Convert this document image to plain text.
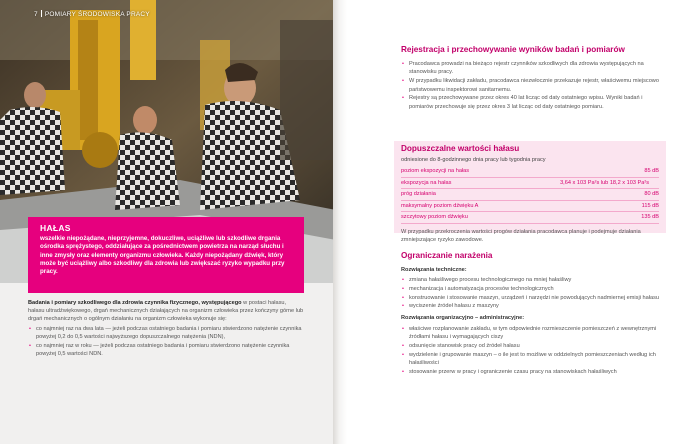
7 POMIARY ŚRODOWISKA PRACY
HAŁAS

wszelkie niepożądane, nieprzyjemne, dokuczliwe, uciążliwe lub szkodliwe drgania ośrodka sprężystego, oddziałujące za pośrednictwem powietrza na narząd słuchu i inne zmysły oraz elementy organizmu człowieka. Każdy niepożądany dźwięk, który może być uciążliwy albo szkodliwy dla zdrowia lub zwiększać ryzyko wypadku przy pracy.

Badania i pomiary szkodliwego dla zdrowia czynnika fizycznego, występującego w postaci hałasu, hałasu ultradźwiękowego, drgań mechanicznych działających na organizm człowieka przez kończyny górne lub drgań mechanicznych o ogólnym działaniu na organizm człowieka wykonuje się:

• co najmniej raz na dwa lata — jeżeli podczas ostatniego badania i pomiaru stwierdzono natężenie czynnika powyżej 0,2 do 0,5 wartości najwyższego dopuszczalnego natężenia (NDN),
• co najmniej raz w roku — jeżeli podczas ostatniego badania i pomiaru stwierdzono natężenie czynnika powyżej 0,5 wartości NDN.
Rejestracja i przechowywanie wyników badań i pomiarów
• Pracodawca prowadzi na bieżąco rejestr czynników szkodliwych dla zdrowia występujących na stanowisku pracy.
• W przypadku likwidacji zakładu, pracodawca niezwłocznie przekazuje rejestr, właściwemu miejscowo państwowemu inspektorowi sanitarnemu.
• Rejestry są przechowywane przez okres 40 lat licząc od daty ostatniego wpisu. Wyniki badań i pomiarów przechowuje się przez okres 3 lat licząc od daty ostatniego pomiaru.
Dopuszczalne wartości hałasu
odniesione do 8-godzinnego dnia pracy lub tygodnia pracy
poziom ekspozycji na hałas	85 dB
ekspozycja na hałas	3,64 x 103 Pa²s lub 18,2 x 103 Pa²s
próg działania	80 dB
maksymalny poziom dźwięku A	115 dB
szczytowy poziom dźwięku	135 dB
W przypadku przekroczenia wartości progów działania pracodawca planuje i podejmuje działania zmniejszające ryzyko zawodowe.
Ograniczanie narażenia
Rozwiązania techniczne:
• zmiana hałaśliwego procesu technologicznego na mniej hałaśliwy
• mechanizacja i automatyzacja procesów technologicznych
• konstruowanie i stosowanie maszyn, urządzeń i narzędzi nie powodujących nadmiernej emisji hałasu
• wyciszenie źródeł hałasu z maszyny
Rozwiązania organizacyjno – administracyjne:
• właściwe rozplanowanie zakładu, w tym odpowiednie rozmieszczenie pomieszczeń z wewnętrznymi źródłami hałasu i wymagających ciszy
• odsunięcie stanowisk pracy od źródeł hałasu
• wydzielenie i grupowanie maszyn – o ile jest to możliwe w oddzielnych pomieszczeniach według ich hałaśliwości
• stosowanie przerw w pracy i ograniczenie czasu pracy na stanowiskach hałaśliwych
